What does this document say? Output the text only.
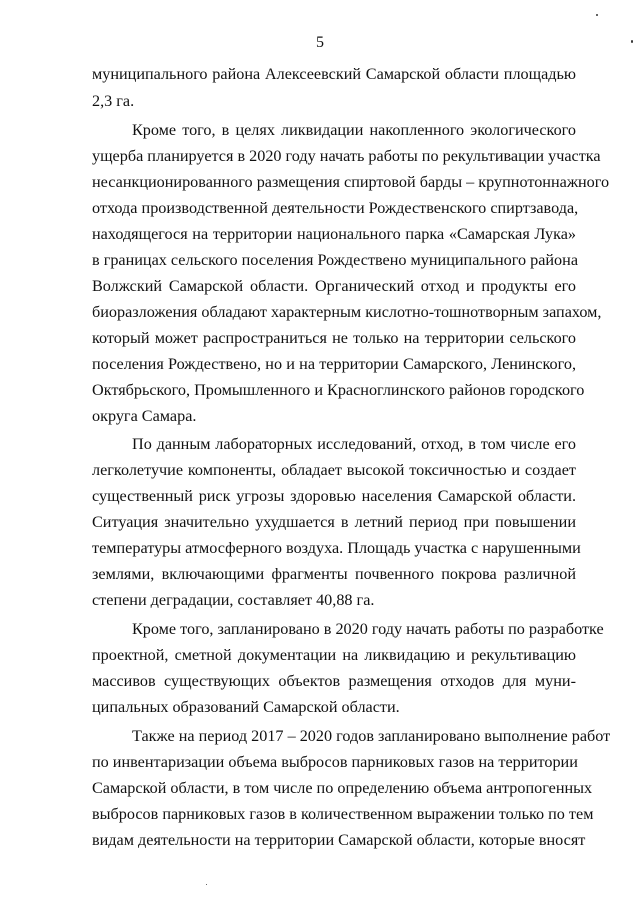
5
муниципального района Алексеевский Самарской области площадью
2,3 га.
Кроме того, в целях ликвидации накопленного экологического
ущерба планируется в 2020 году начать работы по рекультивации участка
несанкционированного размещения спиртовой барды – крупнотоннажного
отхода производственной деятельности Рождественского спиртзавода,
находящегося на территории национального парка «Самарская Лука»
в границах сельского поселения Рождествено муниципального района
Волжский Самарской области. Органический отход и продукты его
биоразложения обладают характерным кислотно-тошнотворным запахом,
который может распространиться не только на территории сельского
поселения Рождествено, но и на территории Самарского, Ленинского,
Октябрьского, Промышленного и Красноглинского районов городского
округа Самара.
По данным лабораторных исследований, отход, в том числе его
легколетучие компоненты, обладает высокой токсичностью и создает
существенный риск угрозы здоровью населения Самарской области.
Ситуация значительно ухудшается в летний период при повышении
температуры атмосферного воздуха. Площадь участка с нарушенными
землями, включающими фрагменты почвенного покрова различной
степени деградации, составляет 40,88 га.
Кроме того, запланировано в 2020 году начать работы по разработке
проектной, сметной документации на ликвидацию и рекультивацию
массивов существующих объектов размещения отходов для муни-
ципальных образований Самарской области.
Также на период 2017 – 2020 годов запланировано выполнение работ
по инвентаризации объема выбросов парниковых газов на территории
Самарской области, в том числе по определению объема антропогенных
выбросов парниковых газов в количественном выражении только по тем
видам деятельности на территории Самарской области, которые вносят
